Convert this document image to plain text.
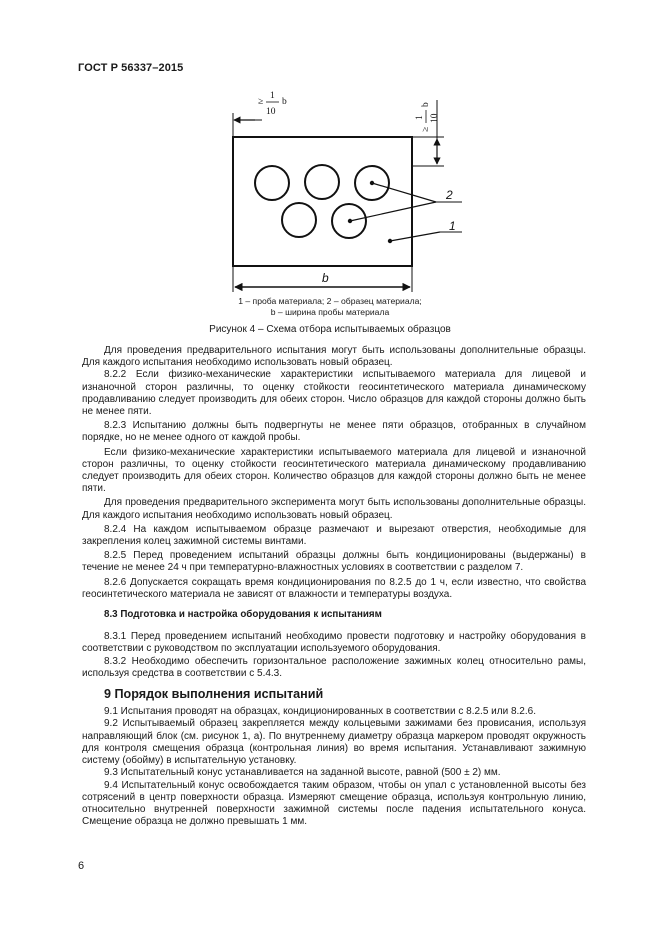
ГОСТ Р 56337–2015
≥
1
10
b
≥
1 10
b
b
2
1
1 – проба материала; 2 – образец материала;
b – ширина пробы материала
Рисунок 4 – Схема отбора испытываемых образцов

Для проведения предварительного испытания могут быть использованы дополнительные образцы. Для каждого испытания необходимо использовать новый образец.

8.2.2 Если физико-механические характеристики испытываемого материала для лицевой и изнаночной сторон различны, то оценку стойкости геосинтетического материала динамическому продавливанию следует производить для обеих сторон. Число образцов для каждой стороны должно быть не менее пяти.

8.2.3 Испытанию должны быть подвергнуты не менее пяти образцов, отобранных в случайном порядке, но не менее одного от каждой пробы.

Если физико-механические характеристики испытываемого материала для лицевой и изнаночной сторон различны, то оценку стойкости геосинтетического материала динамическому продавливанию следует производить для обеих сторон. Количество образцов для каждой стороны должно быть не менее пяти.

Для проведения предварительного эксперимента могут быть использованы дополнительные образцы. Для каждого испытания необходимо использовать новый образец.

8.2.4 На каждом испытываемом образце размечают и вырезают отверстия, необходимые для закрепления колец зажимной системы винтами.

8.2.5 Перед проведением испытаний образцы должны быть кондиционированы (выдержаны) в течение не менее 24 ч при температурно-влажностных условиях в соответствии с разделом 7.

8.2.6 Допускается сокращать время кондиционирования по 8.2.5 до 1 ч, если известно, что свойства геосинтетического материала не зависят от влажности и температуры воздуха.

8.3 Подготовка и настройка оборудования к испытаниям

8.3.1 Перед проведением испытаний необходимо провести подготовку и настройку оборудования в соответствии с руководством по эксплуатации используемого оборудования.

8.3.2 Необходимо обеспечить горизонтальное расположение зажимных колец относительно рамы, используя средства в соответствии с 5.4.3.

9 Порядок выполнения испытаний

9.1 Испытания проводят на образцах, кондиционированных в соответствии с 8.2.5 или 8.2.6.

9.2 Испытываемый образец закрепляется между кольцевыми зажимами без провисания, используя направляющий блок (см. рисунок 1, а). По внутреннему диаметру образца маркером проводят окружность для контроля смещения образца (контрольная линия) во время испытания. Устанавливают зажимную систему (обойму) в испытательную установку.

9.3 Испытательный конус устанавливается на заданной высоте, равной (500 ± 2) мм.

9.4 Испытательный конус освобождается таким образом, чтобы он упал с установленной высоты без сотрясений в центр поверхности образца. Измеряют смещение образца, используя контрольную линию, относительно внутренней поверхности зажимной системы после падения испытательного конуса. Смещение образца не должно превышать 1 мм.

6
